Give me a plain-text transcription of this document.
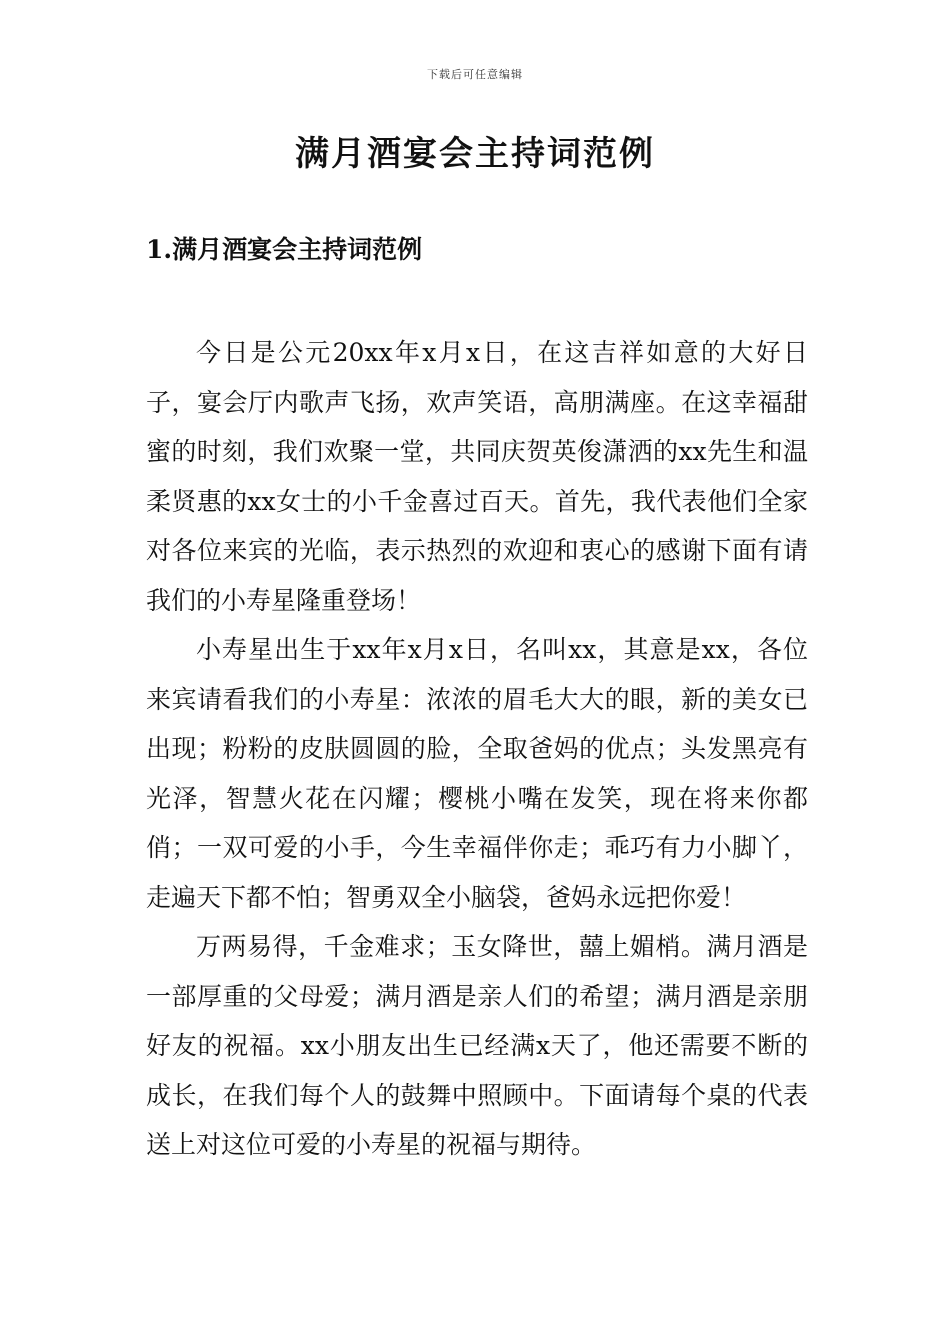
下载后可任意编辑
满月酒宴会主持词范例
1.满月酒宴会主持词范例

今日是公元20xx年x月x日，在这吉祥如意的大好日子，宴会厅内歌声飞扬，欢声笑语，高朋满座。在这幸福甜蜜的时刻，我们欢聚一堂，共同庆贺英俊潇洒的xx先生和温柔贤惠的xx女士的小千金喜过百天。首先，我代表他们全家对各位来宾的光临，表示热烈的欢迎和衷心的感谢下面有请我们的小寿星隆重登场！

小寿星出生于xx年x月x日，名叫xx，其意是xx，各位来宾请看我们的小寿星：浓浓的眉毛大大的眼，新的美女已出现；粉粉的皮肤圆圆的脸，全取爸妈的优点；头发黑亮有光泽，智慧火花在闪耀；樱桃小嘴在发笑，现在将来你都俏；一双可爱的小手，今生幸福伴你走；乖巧有力小脚丫，走遍天下都不怕；智勇双全小脑袋，爸妈永远把你爱！

万两易得，千金难求；玉女降世，囍上媚梢。满月酒是一部厚重的父母爱；满月酒是亲人们的希望；满月酒是亲朋好友的祝福。xx小朋友出生已经满x天了，他还需要不断的成长，在我们每个人的鼓舞中照顾中。下面请每个桌的代表送上对这位可爱的小寿星的祝福与期待。
